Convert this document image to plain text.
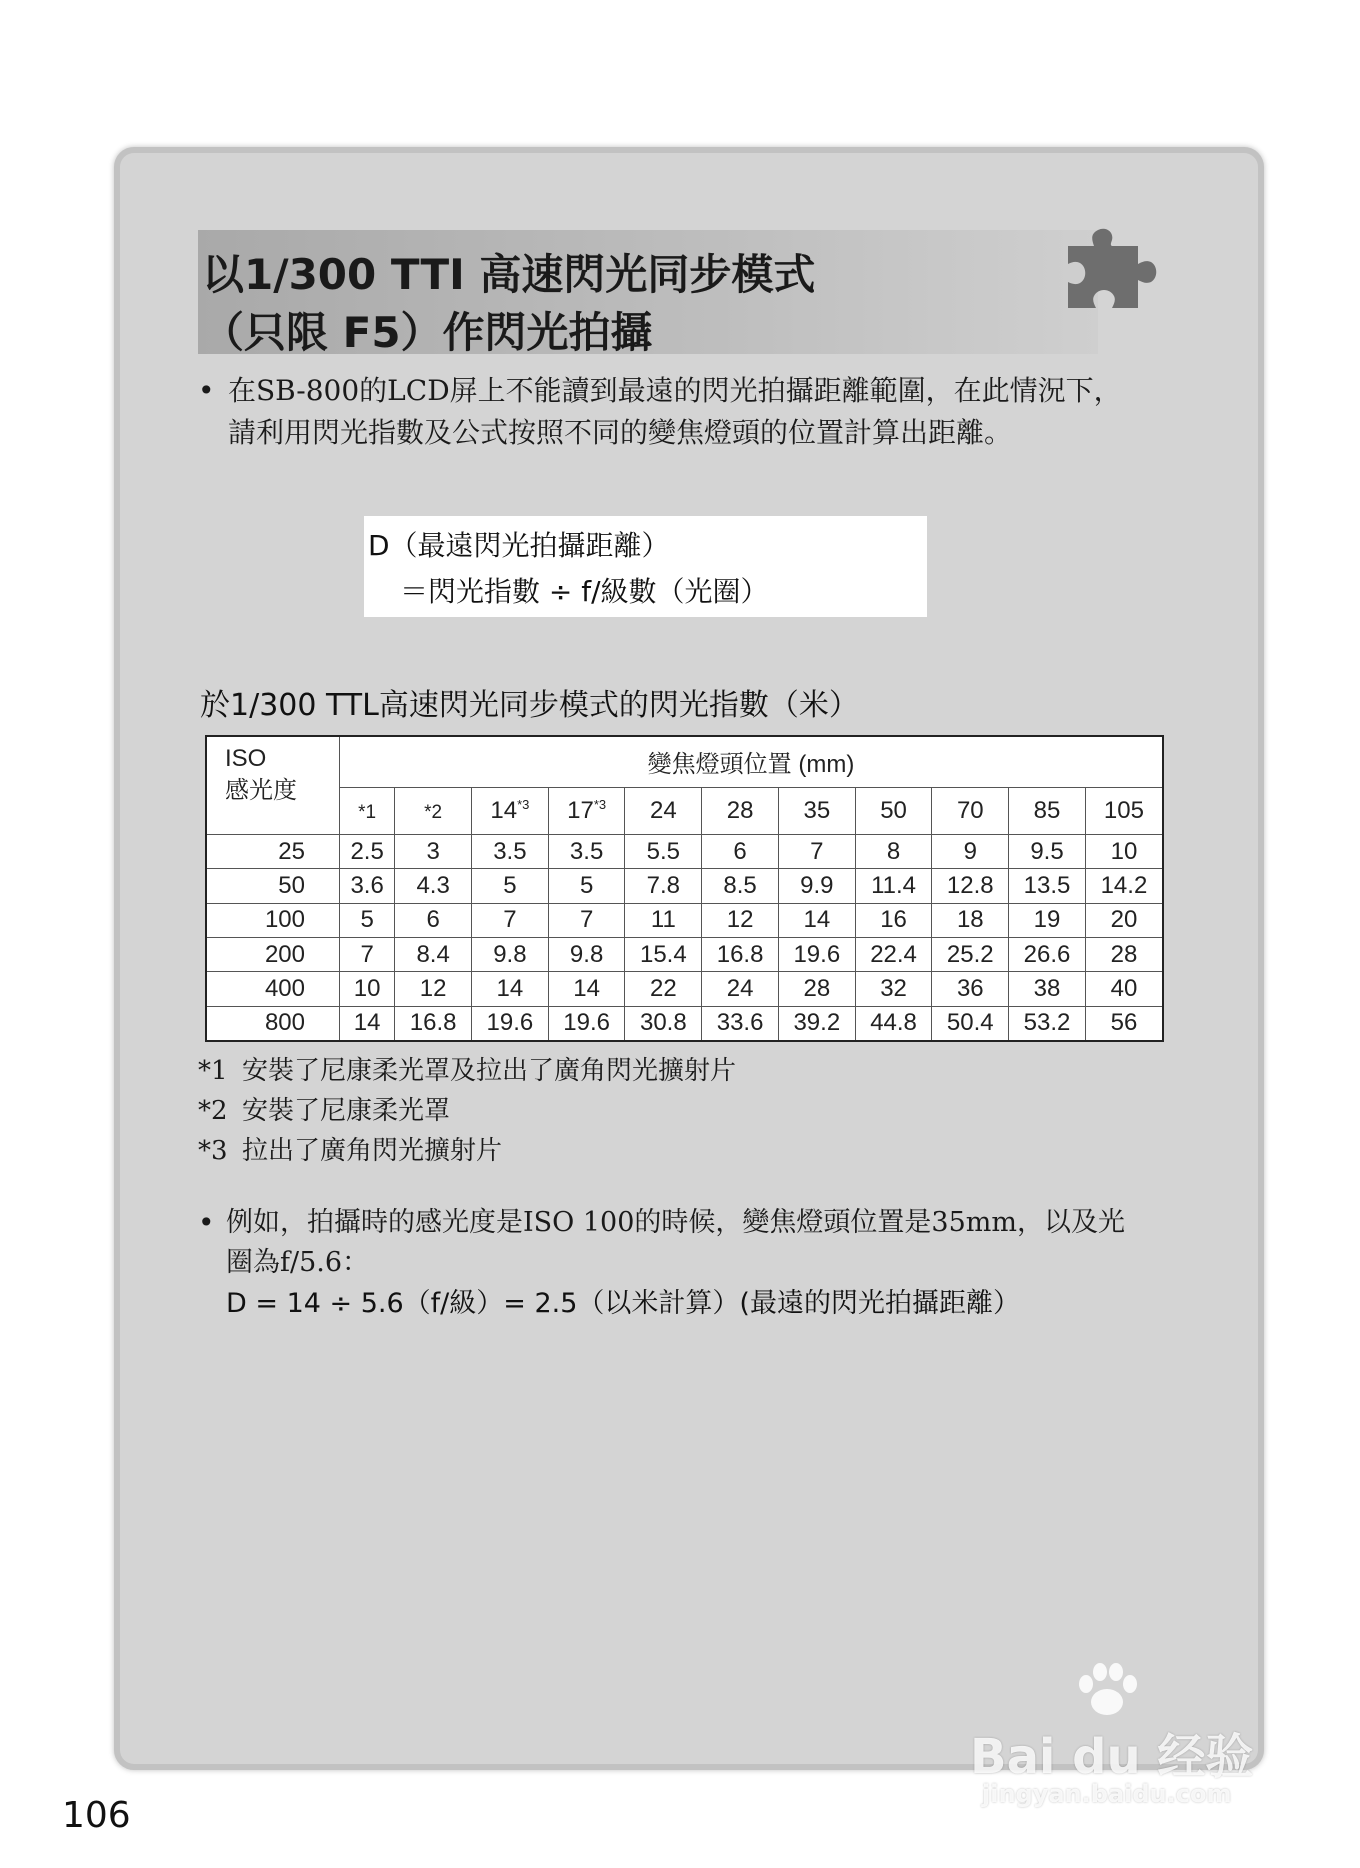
以1/300 TTI 高速閃光同步模式
（只限 F5）作閃光拍攝
• 在SB-800的LCD屏上不能讀到最遠的閃光拍攝距離範圍，在此情況下，
請利用閃光指數及公式按照不同的變焦燈頭的位置計算出距離。
D（最遠閃光拍攝距離）
＝閃光指數 ÷ f/級數（光圈）
於1/300 TTL高速閃光同步模式的閃光指數（米）
ISO
感光度	變焦燈頭位置 (mm)										
	*1	*2	14$^{*3}$	17$^{*3}$	24	28	35	50	70	85	105
25	2.5	3	3.5	3.5	5.5	6	7	8	9	9.5	10
50	3.6	4.3	5	5	7.8	8.5	9.9	11.4	12.8	13.5	14.2
100	5	6	7	7	11	12	14	16	18	19	20
200	7	8.4	9.8	9.8	15.4	16.8	19.6	22.4	25.2	26.6	28
400	10	12	14	14	22	24	28	32	36	38	40
800	14	16.8	19.6	19.6	30.8	33.6	39.2	44.8	50.4	53.2	56
*1 安裝了尼康柔光罩及拉出了廣角閃光擴射片
*2 安裝了尼康柔光罩
*3 拉出了廣角閃光擴射片
• 例如，拍攝時的感光度是ISO 100的時候，變焦燈頭位置是35mm，以及光
圈為f/5.6：
D = 14 ÷ 5.6（f/級）= 2.5（以米計算）(最遠的閃光拍攝距離）
106
Bai du 经验
jingyan.baidu.com
